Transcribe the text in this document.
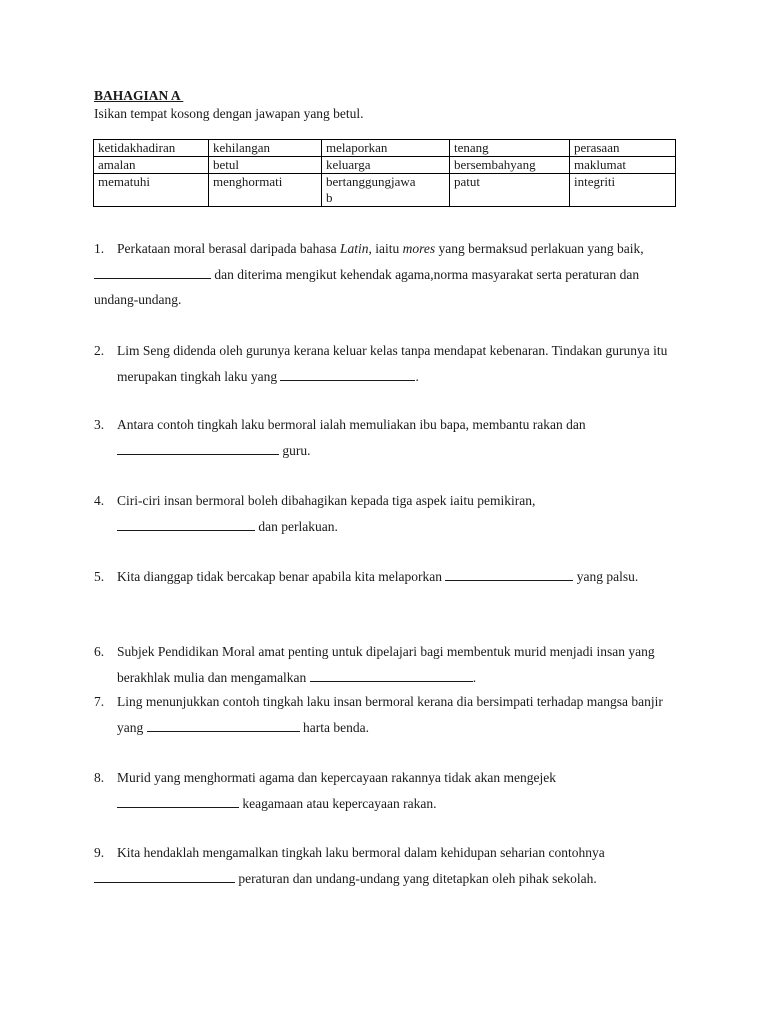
BAHAGIAN A
Isikan tempat kosong dengan jawapan yang betul.
ketidakhadiran	kehilangan	melaporkan	tenang	perasaan
amalan	betul	keluarga	bersembahyang	maklumat
mematuhi	menghormati	bertanggungjawab	patut	integriti
1. Perkataan moral berasal daripada bahasa Latin, iaitu mores yang bermaksud perlakuan yang baik,  dan diterima mengikut kehendak agama,norma masyarakat serta peraturan dan undang-undang.
2. Lim Seng didenda oleh gurunya kerana keluar kelas tanpa mendapat kebenaran. Tindakan gurunya itu merupakan tingkah laku yang	.
3. Antara contoh tingkah laku bermoral ialah memuliakan ibu bapa, membantu rakan dan  guru.
4. Ciri-ciri insan bermoral boleh dibahagikan kepada tiga aspek iaitu pemikiran,  dan perlakuan.
5. Kita dianggap tidak bercakap benar apabila kita melaporkan	yang palsu.
6. Subjek Pendidikan Moral amat penting untuk dipelajari bagi membentuk murid menjadi insan yang berakhlak mulia dan mengamalkan	.
7. Ling menunjukkan contoh tingkah laku insan bermoral kerana dia bersimpati terhadap mangsa banjir yang	harta benda.
8. Murid yang menghormati agama dan kepercayaan rakannya tidak akan mengejek  keagamaan atau kepercayaan rakan.
9. Kita hendaklah mengamalkan tingkah laku bermoral dalam kehidupan seharian contohnya  peraturan dan undang-undang yang ditetapkan oleh pihak sekolah.
